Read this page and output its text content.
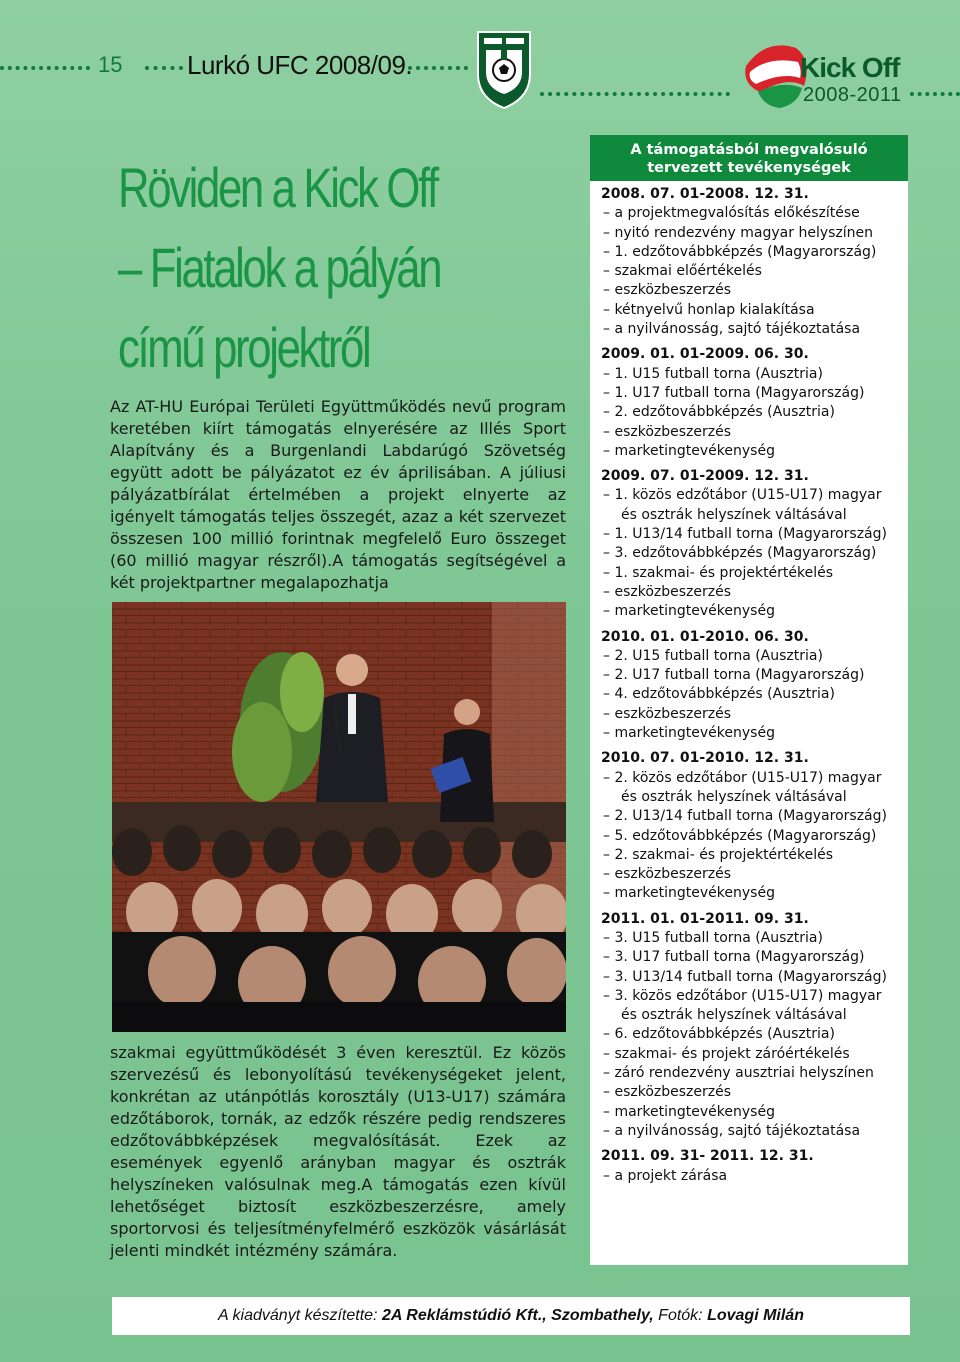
15 Lurkó UFC 2008/09.	Kick Off
2008-2011
Röviden a Kick Off
– Fiatalok a pályán
című projektről

Az AT-HU Európai Területi Együttműködés nevű program keretében kiírt támogatás elnyerésére az Illés Sport Alapítvány és a Burgenlandi Labdarúgó Szövetség együtt adott be pályázatot ez év áprilisában. A júliusi pályázatbírálat értelmében a projekt elnyerte az igényelt támogatás teljes összegét, azaz a két szervezet összesen 100 millió forintnak megfelelő Euro összeget (60 millió magyar részről).A támogatás segítségével a két projektpartner megalapozhatja

szakmai együttműködését 3 éven keresztül. Ez közös szervezésű és lebonyolítású tevékenységeket jelent, konkrétan az utánpótlás korosztály (U13-U17) számára edzőtáborok, tornák, az edzők részére pedig rendszeres edzőtovábbképzések megvalósítását. Ezek az események egyenlő arányban magyar és osztrák helyszíneken valósulnak meg.A támogatás ezen kívül lehetőséget biztosít eszközbeszerzésre, amely sportorvosi és teljesítményfelmérő eszközök vásárlását jelenti mindkét intézmény számára.

A támogatásból megvalósuló
tervezett tevékenységek
2008. 07. 01-2008. 12. 31.
– a projektmegvalósítás előkészítése
– nyitó rendezvény magyar helyszínen
– 1. edzőtovábbképzés (Magyarország)
– szakmai előértékelés
– eszközbeszerzés
– kétnyelvű honlap kialakítása
– a nyilvánosság, sajtó tájékoztatása
2009. 01. 01-2009. 06. 30.
– 1. U15 futball torna (Ausztria)
– 1. U17 futball torna (Magyarország)
– 2. edzőtovábbképzés (Ausztria)
– eszközbeszerzés
– marketingtevékenység
2009. 07. 01-2009. 12. 31.
– 1. közös edzőtábor (U15-U17) magyar és osztrák helyszínek váltásával
– 1. U13/14 futball torna (Magyarország)
– 3. edzőtovábbképzés (Magyarország)
– 1. szakmai- és projektértékelés
– eszközbeszerzés
– marketingtevékenység
2010. 01. 01-2010. 06. 30.
– 2. U15 futball torna (Ausztria)
– 2. U17 futball torna (Magyarország)
– 4. edzőtovábbképzés (Ausztria)
– eszközbeszerzés
– marketingtevékenység
2010. 07. 01-2010. 12. 31.
– 2. közös edzőtábor (U15-U17) magyar és osztrák helyszínek váltásával
– 2. U13/14 futball torna (Magyarország)
– 5. edzőtovábbképzés (Magyarország)
– 2. szakmai- és projektértékelés
– eszközbeszerzés
– marketingtevékenység
2011. 01. 01-2011. 09. 31.
– 3. U15 futball torna (Ausztria)
– 3. U17 futball torna (Magyarország)
– 3. U13/14 futball torna (Magyarország)
– 3. közös edzőtábor (U15-U17) magyar és osztrák helyszínek váltásával
– 6. edzőtovábbképzés (Ausztria)
– szakmai- és projekt záróértékelés
– záró rendezvény ausztriai helyszínen
– eszközbeszerzés
– marketingtevékenység
– a nyilvánosság, sajtó tájékoztatása
2011. 09. 31- 2011. 12. 31.
– a projekt zárása
A kiadványt készítette: 2A Reklámstúdió Kft., Szombathely, Fotók: Lovagi Milán
